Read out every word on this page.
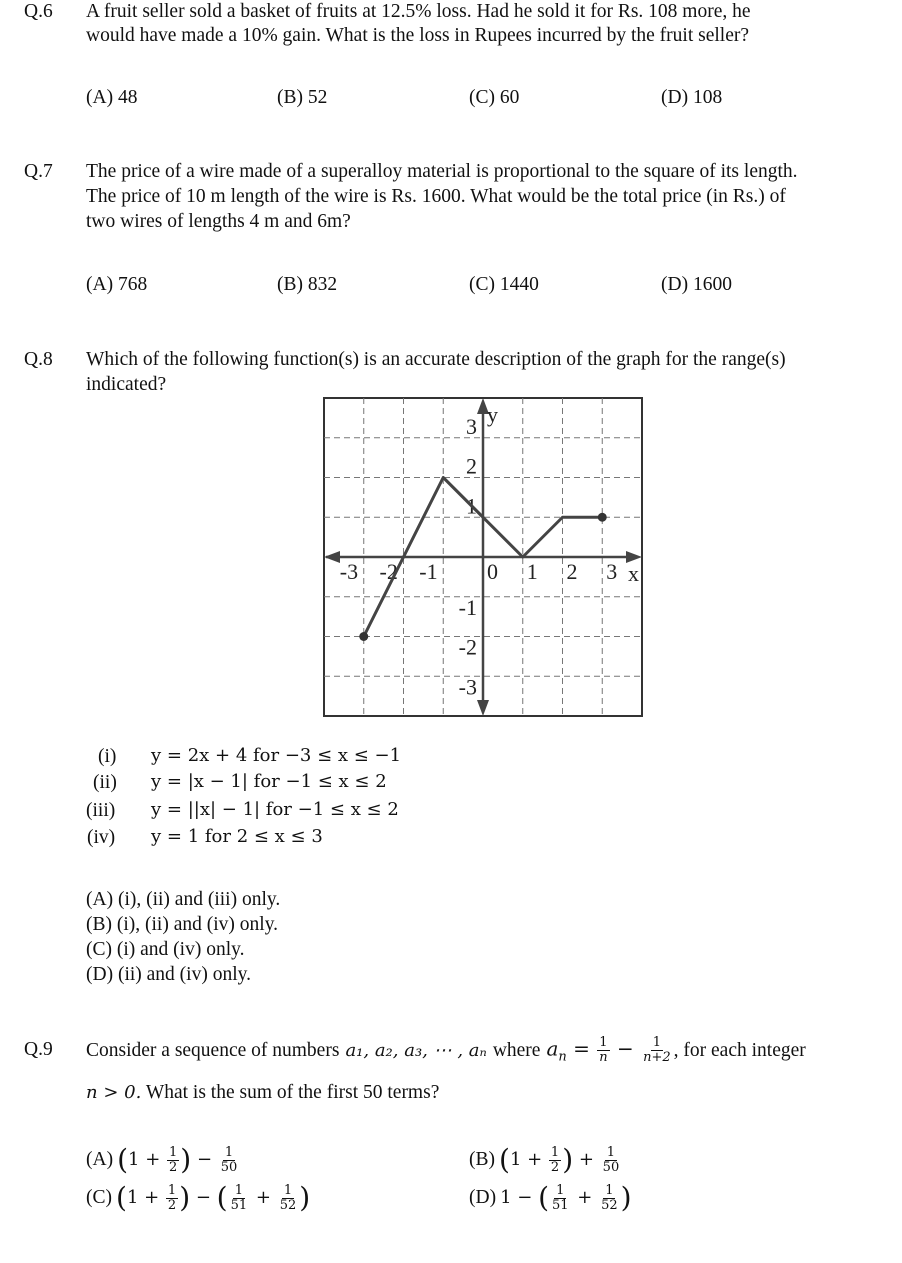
Q.6 A fruit seller sold a basket of fruits at 12.5% loss. Had he sold it for Rs. 108 more, he
would have made a 10% gain. What is the loss in Rupees incurred by the fruit seller?
(A) 48	(B) 52	(C) 60	(D) 108
Q.7 The price of a wire made of a superalloy material is proportional to the square of its length.
The price of 10 m length of the wire is Rs. 1600. What would be the total price (in Rs.) of
two wires of lengths 4 m and 6m?
(A) 768	(B) 832	(C) 1440	(D) 1600
Q.8 Which of the following function(s) is an accurate description of the graph for the range(s)
indicated?
y
x
-3 -2 -1 0 1 2 3
3
2
1
-1
-2
-3
(i) y = 2x + 4 for −3 ≤ x ≤ −1
(ii) y = |x − 1| for −1 ≤ x ≤ 2
(iii) y = ||x| − 1| for −1 ≤ x ≤ 2
(iv) y = 1 for 2 ≤ x ≤ 3
(A) (i), (ii) and (iii) only.
(B) (i), (ii) and (iv) only.
(C) (i) and (iv) only.
(D) (ii) and (iv) only.
Q.9 Consider a sequence of numbers a₁, a₂, a₃, ⋯ , aₙ where $a_n = \frac{1}{n} - \frac{1}{n+2}$ , for each integer
n > 0. What is the sum of the first 50 terms?
(A) ($1 + \frac{1}{2}$ ) − $\frac{1}{50}$	(B) ($1 + \frac{1}{2}$ ) + $\frac{1}{50}$
(C) ($1 + \frac{1}{2}$ ) − ( $\frac{1}{51} + \frac{1}{52}$ )	(D) 1 − ( $\frac{1}{51} + \frac{1}{52}$ )
